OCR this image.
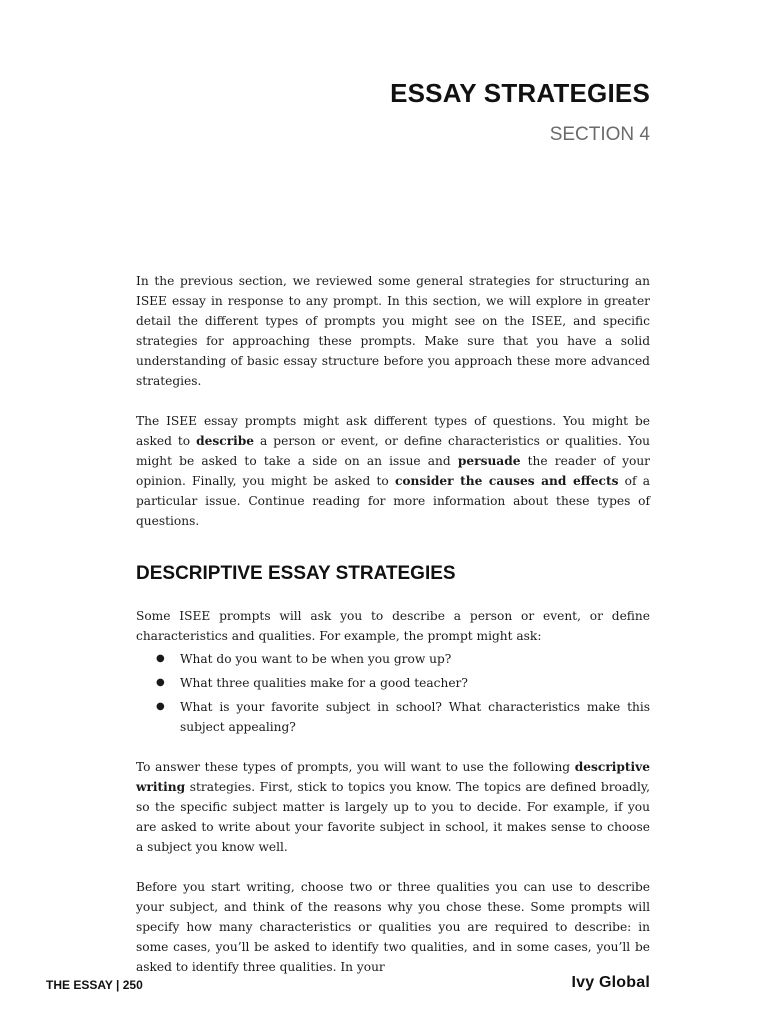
ESSAY STRATEGIES
SECTION 4

In the previous section, we reviewed some general strategies for structuring an ISEE essay in response to any prompt. In this section, we will explore in greater detail the different types of prompts you might see on the ISEE, and specific strategies for approaching these prompts. Make sure that you have a solid understanding of basic essay structure before you approach these more advanced strategies.

The ISEE essay prompts might ask different types of questions. You might be asked to describe a person or event, or define characteristics or qualities. You might be asked to take a side on an issue and persuade the reader of your opinion. Finally, you might be asked to consider the causes and effects of a particular issue. Continue reading for more information about these types of questions.

DESCRIPTIVE ESSAY STRATEGIES

Some ISEE prompts will ask you to describe a person or event, or define characteristics and qualities. For example, the prompt might ask:

● What do you want to be when you grow up?
● What three qualities make for a good teacher?
● What is your favorite subject in school? What characteristics make this subject appealing?

To answer these types of prompts, you will want to use the following descriptive writing strategies. First, stick to topics you know. The topics are defined broadly, so the specific subject matter is largely up to you to decide. For example, if you are asked to write about your favorite subject in school, it makes sense to choose a subject you know well.

Before you start writing, choose two or three qualities you can use to describe your subject, and think of the reasons why you chose these. Some prompts will specify how many characteristics or qualities you are required to describe: in some cases, you’ll be asked to identify two qualities, and in some cases, you’ll be asked to identify three qualities. In your

THE ESSAY | 250	Ivy Global
